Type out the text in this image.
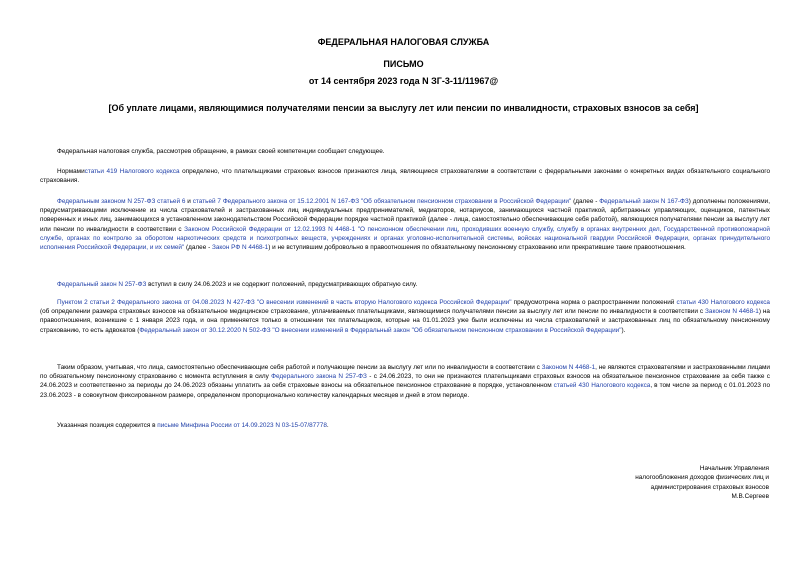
ФЕДЕРАЛЬНАЯ НАЛОГОВАЯ СЛУЖБА
ПИСЬМО
от 14 сентября 2023 года N ЗГ-3-11/11967@
[Об уплате лицами, являющимися получателями пенсии за выслугу лет или пенсии по инвалидности, страховых взносов за себя]
Федеральная налоговая служба, рассмотрев обращение, в рамках своей компетенции сообщает следующее.
Нормамистатьи 419 Налогового кодекса определено, что плательщиками страховых взносов признаются лица, являющиеся страхователями в соответствии с федеральными законами о конкретных видах обязательного социального страхования.
Федеральным законом N 257-ФЗ статьей 6 и статьей 7 Федерального закона от 15.12.2001 N 167-ФЗ "Об обязательном пенсионном страховании в Российской Федерации" (далее - Федеральный закон N 167-ФЗ) дополнены положениями, предусматривающими исключение из числа страхователей и застрахованных лиц индивидуальных предпринимателей, медиаторов, нотариусов, занимающихся частной практикой, арбитражных управляющих, оценщиков, патентных поверенных и иных лиц, занимающихся в установленном законодательством Российской Федерации порядке частной практикой (далее - лица, самостоятельно обеспечивающие себя работой), являющихся получателями пенсии за выслугу лет или пенсии по инвалидности в соответствии с Законом Российской Федерации от 12.02.1993 N 4468-1 "О пенсионном обеспечении лиц, проходивших военную службу, службу в органах внутренних дел, Государственной противопожарной службе, органах по контролю за оборотом наркотических средств и психотропных веществ, учреждениях и органах уголовно-исполнительной системы, войсках национальной гвардии Российской Федерации, органах принудительного исполнения Российской Федерации, и их семей" (далее - Закон РФ N 4468-1) и не вступившим добровольно в правоотношения по обязательному пенсионному страхованию или прекратившие такие правоотношения.
Федеральный закон N 257-ФЗ вступил в силу 24.06.2023 и не содержит положений, предусматривающих обратную силу.
Пунктом 2 статьи 2 Федерального закона от 04.08.2023 N 427-ФЗ "О внесении изменений в часть вторую Налогового кодекса Российской Федерации" предусмотрена норма о распространении положений статьи 430 Налогового кодекса (об определении размера страховых взносов на обязательное медицинское страхование, уплачиваемых плательщиками, являющимися получателями пенсии за выслугу лет или пенсии по инвалидности в соответствии с Законом N 4468-1) на правоотношения, возникшие с 1 января 2023 года, и она применяется только в отношении тех плательщиков, которые на 01.01.2023 уже были исключены из числа страхователей и застрахованных лиц по обязательному пенсионному страхованию, то есть адвокатов (Федеральный закон от 30.12.2020 N 502-ФЗ "О внесении изменений в Федеральный закон "Об обязательном пенсионном страховании в Российской Федерации").
Таким образом, учитывая, что лица, самостоятельно обеспечивающие себя работой и получающие пенсии за выслугу лет или по инвалидности в соответствии с Законом N 4468-1, не являются страхователями и застрахованными лицами по обязательному пенсионному страхованию с момента вступления в силу Федерального закона N 257-ФЗ - с 24.06.2023, то они не признаются плательщиками страховых взносов на обязательное пенсионное страхование за себя также с 24.06.2023 и соответственно за периоды до 24.06.2023 обязаны уплатить за себя страховые взносы на обязательное пенсионное страхование в порядке, установленном статьей 430 Налогового кодекса, в том числе за период с 01.01.2023 по 23.06.2023 - в совокупном фиксированном размере, определенном пропорционально количеству календарных месяцев и дней в этом периоде.
Указанная позиция содержится в письме Минфина России от 14.09.2023 N 03-15-07/87778.
Начальник Управления
налогообложения доходов физических лиц и
администрирования страховых взносов
М.В.Сергеев
